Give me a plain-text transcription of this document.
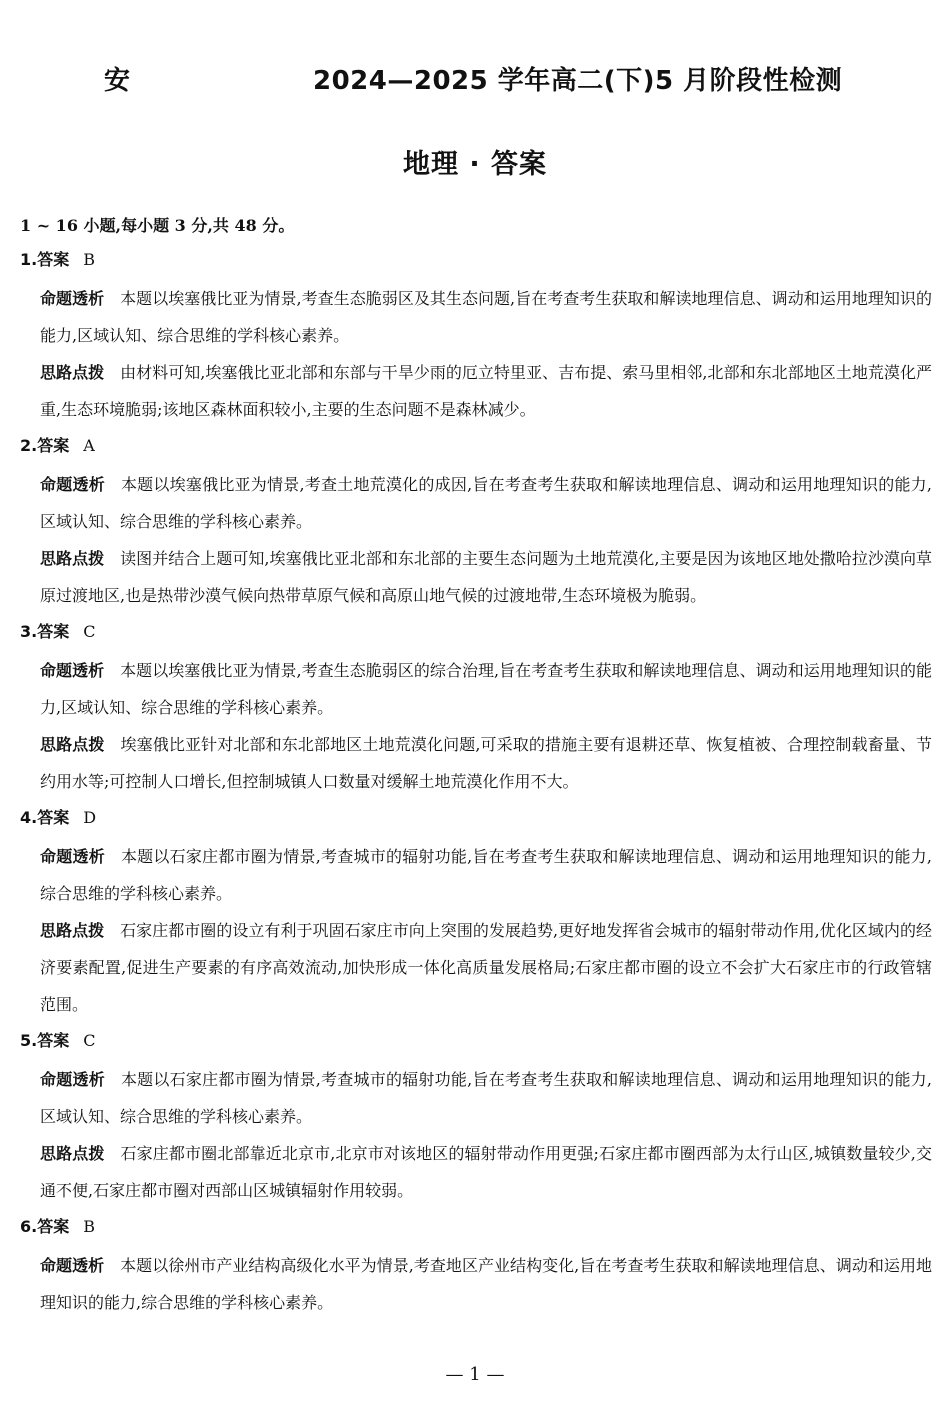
安	2024—2025 学年高二(下)5 月阶段性检测
地理 · 答案
1 ~ 16 小题,每小题 3 分,共 48 分。
1.答案 B
命题透析 本题以埃塞俄比亚为情景,考查生态脆弱区及其生态问题,旨在考查考生获取和解读地理信息、调动和运用地理知识的能力,区域认知、综合思维的学科核心素养。
思路点拨 由材料可知,埃塞俄比亚北部和东部与干旱少雨的厄立特里亚、吉布提、索马里相邻,北部和东北部地区土地荒漠化严重,生态环境脆弱;该地区森林面积较小,主要的生态问题不是森林减少。
2.答案 A
命题透析 本题以埃塞俄比亚为情景,考查土地荒漠化的成因,旨在考查考生获取和解读地理信息、调动和运用地理知识的能力,区域认知、综合思维的学科核心素养。
思路点拨 读图并结合上题可知,埃塞俄比亚北部和东北部的主要生态问题为土地荒漠化,主要是因为该地区地处撒哈拉沙漠向草原过渡地区,也是热带沙漠气候向热带草原气候和高原山地气候的过渡地带,生态环境极为脆弱。
3.答案 C
命题透析 本题以埃塞俄比亚为情景,考查生态脆弱区的综合治理,旨在考查考生获取和解读地理信息、调动和运用地理知识的能力,区域认知、综合思维的学科核心素养。
思路点拨 埃塞俄比亚针对北部和东北部地区土地荒漠化问题,可采取的措施主要有退耕还草、恢复植被、合理控制载畜量、节约用水等;可控制人口增长,但控制城镇人口数量对缓解土地荒漠化作用不大。
4.答案 D
命题透析 本题以石家庄都市圈为情景,考查城市的辐射功能,旨在考查考生获取和解读地理信息、调动和运用地理知识的能力,综合思维的学科核心素养。
思路点拨 石家庄都市圈的设立有利于巩固石家庄市向上突围的发展趋势,更好地发挥省会城市的辐射带动作用,优化区域内的经济要素配置,促进生产要素的有序高效流动,加快形成一体化高质量发展格局;石家庄都市圈的设立不会扩大石家庄市的行政管辖范围。
5.答案 C
命题透析 本题以石家庄都市圈为情景,考查城市的辐射功能,旨在考查考生获取和解读地理信息、调动和运用地理知识的能力,区域认知、综合思维的学科核心素养。
思路点拨 石家庄都市圈北部靠近北京市,北京市对该地区的辐射带动作用更强;石家庄都市圈西部为太行山区,城镇数量较少,交通不便,石家庄都市圈对西部山区城镇辐射作用较弱。
6.答案 B
命题透析 本题以徐州市产业结构高级化水平为情景,考查地区产业结构变化,旨在考查考生获取和解读地理信息、调动和运用地理知识的能力,综合思维的学科核心素养。
— 1 —
